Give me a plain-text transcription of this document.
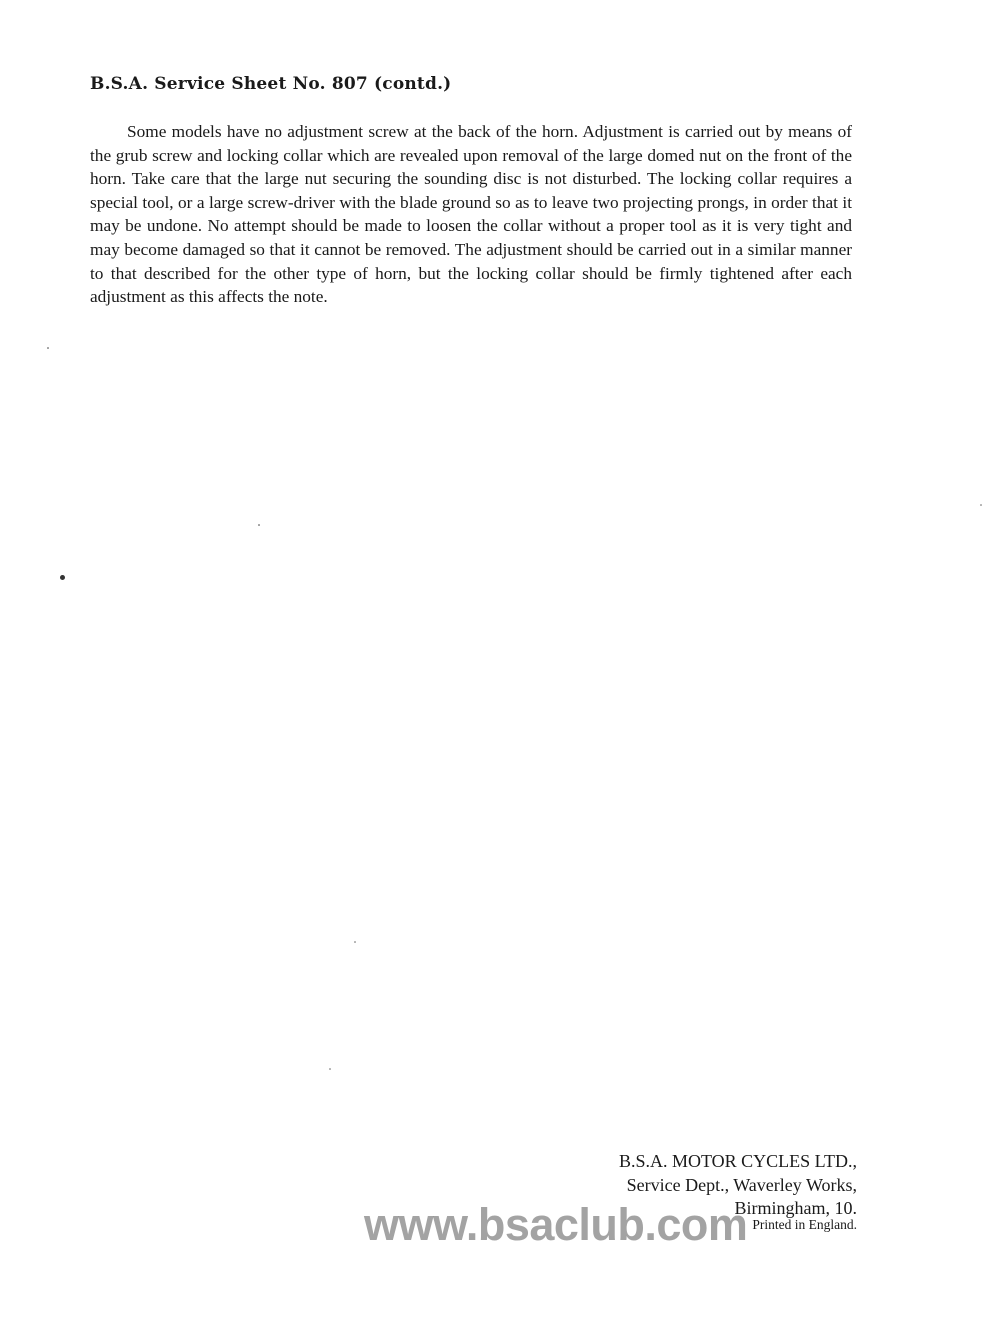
B.S.A. Service Sheet No. 807 (contd.)

Some models have no adjustment screw at the back of the horn. Adjustment is carried out by means of the grub screw and locking collar which are revealed upon removal of the large domed nut on the front of the horn. Take care that the large nut securing the sounding disc is not disturbed. The locking collar requires a special tool, or a large screw-driver with the blade ground so as to leave two projecting prongs, in order that it may be undone. No attempt should be made to loosen the collar without a proper tool as it is very tight and may become damaged so that it cannot be removed. The adjustment should be carried out in a similar manner to that described for the other type of horn, but the locking collar should be firmly tightened after each adjustment as this affects the note.

B.S.A. MOTOR CYCLES LTD.,
Service Dept., Waverley Works,
Birmingham, 10.
Printed in England.
www.bsaclub.com
